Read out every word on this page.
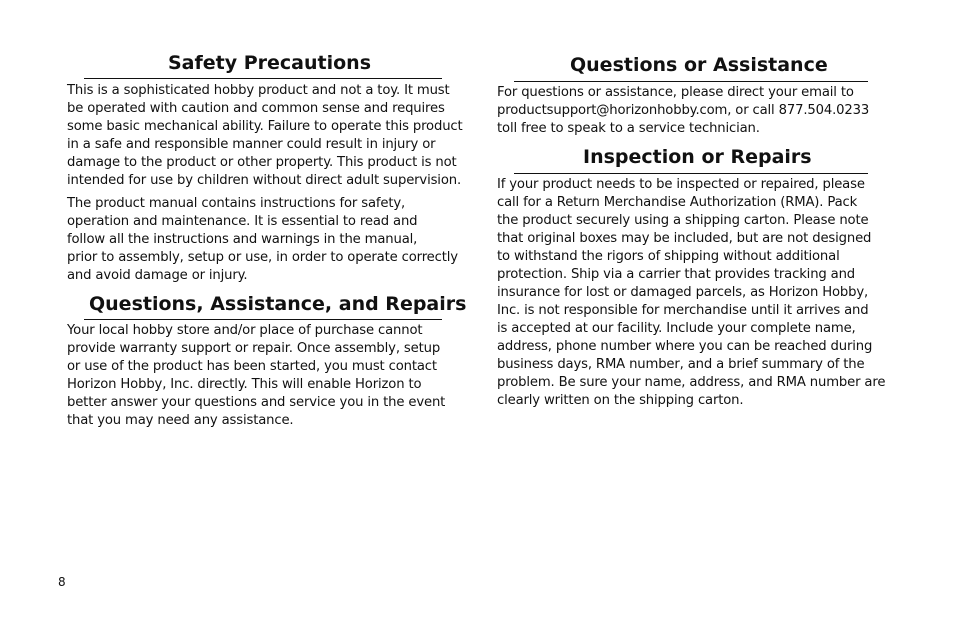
Safety Precautions
This is a sophisticated hobby product and not a toy. It must
be operated with caution and common sense and requires
some basic mechanical ability. Failure to operate this product
in a safe and responsible manner could result in injury or
damage to the product or other property. This product is not
intended for use by children without direct adult supervision.
The product manual contains instructions for safety,
operation and maintenance. It is essential to read and
follow all the instructions and warnings in the manual,
prior to assembly, setup or use, in order to operate correctly
and avoid damage or injury.
Questions, Assistance, and Repairs
Your local hobby store and/or place of purchase cannot
provide warranty support or repair. Once assembly, setup
or use of the product has been started, you must contact
Horizon Hobby, Inc. directly. This will enable Horizon to
better answer your questions and service you in the event
that you may need any assistance.
Questions or Assistance
For questions or assistance, please direct your email to
productsupport@horizonhobby.com, or call 877.504.0233
toll free to speak to a service technician.
Inspection or Repairs
If your product needs to be inspected or repaired, please
call for a Return Merchandise Authorization (RMA). Pack
the product securely using a shipping carton. Please note
that original boxes may be included, but are not designed
to withstand the rigors of shipping without additional
protection. Ship via a carrier that provides tracking and
insurance for lost or damaged parcels, as Horizon Hobby,
Inc. is not responsible for merchandise until it arrives and
is accepted at our facility. Include your complete name,
address, phone number where you can be reached during
business days, RMA number, and a brief summary of the
problem. Be sure your name, address, and RMA number are
clearly written on the shipping carton.
8
